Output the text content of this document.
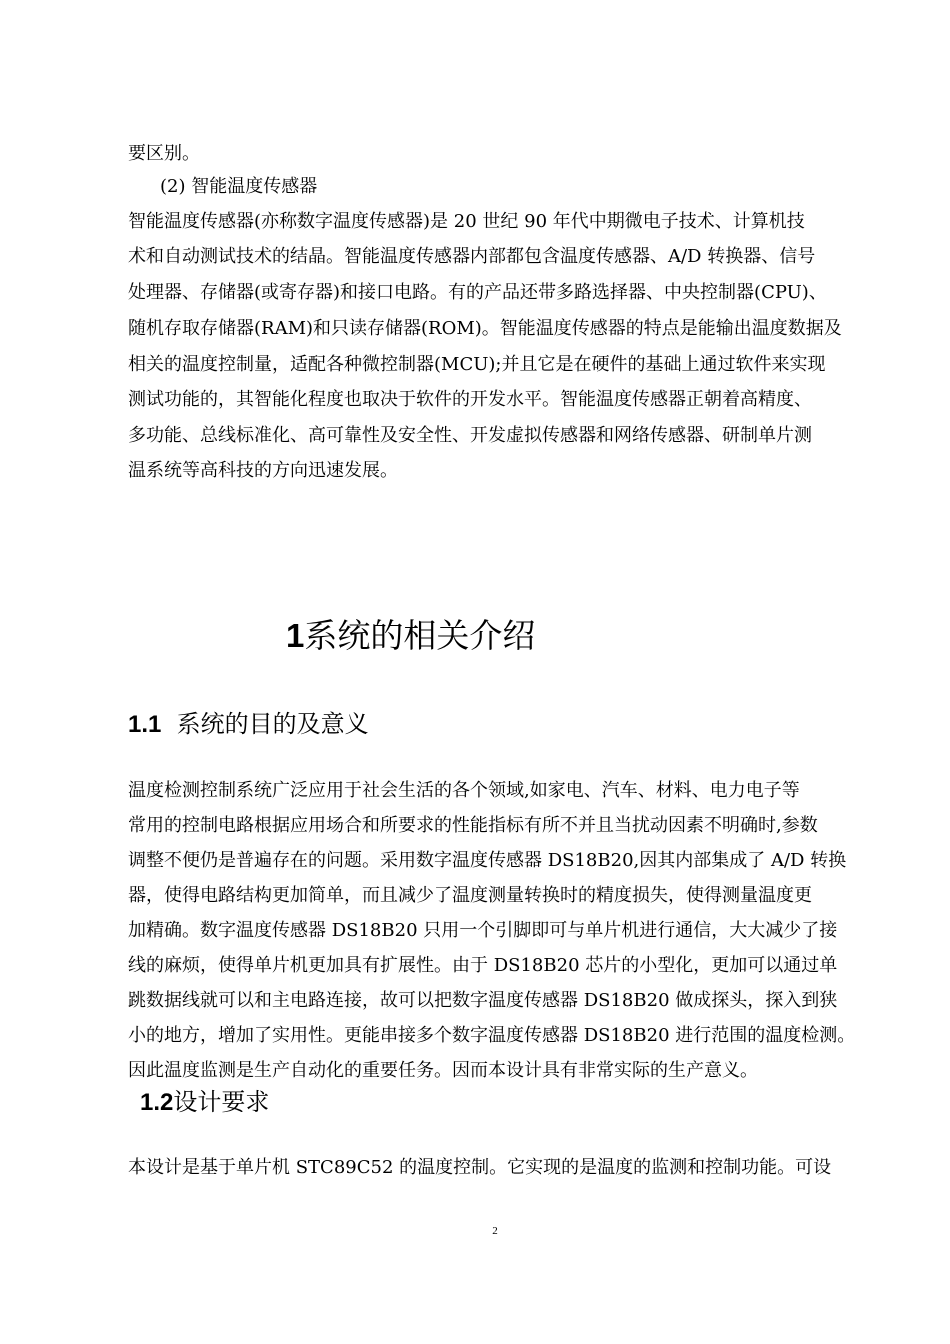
要区别。

(2) 智能温度传感器

智能温度传感器(亦称数字温度传感器)是 20 世纪 90 年代中期微电子技术、计算机技

术和自动测试技术的结晶。智能温度传感器内部都包含温度传感器、A/D 转换器、信号

处理器、存储器(或寄存器)和接口电路。有的产品还带多路选择器、中央控制器(CPU)、

随机存取存储器(RAM)和只读存储器(ROM)。智能温度传感器的特点是能输出温度数据及

相关的温度控制量，适配各种微控制器(MCU);并且它是在硬件的基础上通过软件来实现

测试功能的，其智能化程度也取决于软件的开发水平。智能温度传感器正朝着高精度、

多功能、总线标准化、高可靠性及安全性、开发虚拟传感器和网络传感器、研制单片测

温系统等高科技的方向迅速发展。

1系统的相关介绍
1.1 系统的目的及意义

温度检测控制系统广泛应用于社会生活的各个领域,如家电、汽车、材料、电力电子等

常用的控制电路根据应用场合和所要求的性能指标有所不并且当扰动因素不明确时,参数

调整不便仍是普遍存在的问题。采用数字温度传感器 DS18B20,因其内部集成了 A/D 转换

器，使得电路结构更加简单，而且减少了温度测量转换时的精度损失，使得测量温度更

加精确。数字温度传感器 DS18B20 只用一个引脚即可与单片机进行通信，大大减少了接

线的麻烦，使得单片机更加具有扩展性。由于 DS18B20 芯片的小型化，更加可以通过单

跳数据线就可以和主电路连接，故可以把数字温度传感器 DS18B20 做成探头，探入到狭

小的地方，增加了实用性。更能串接多个数字温度传感器 DS18B20 进行范围的温度检测。

因此温度监测是生产自动化的重要任务。因而本设计具有非常实际的生产意义。

1.2设计要求

本设计是基于单片机 STC89C52 的温度控制。它实现的是温度的监测和控制功能。可设

2
